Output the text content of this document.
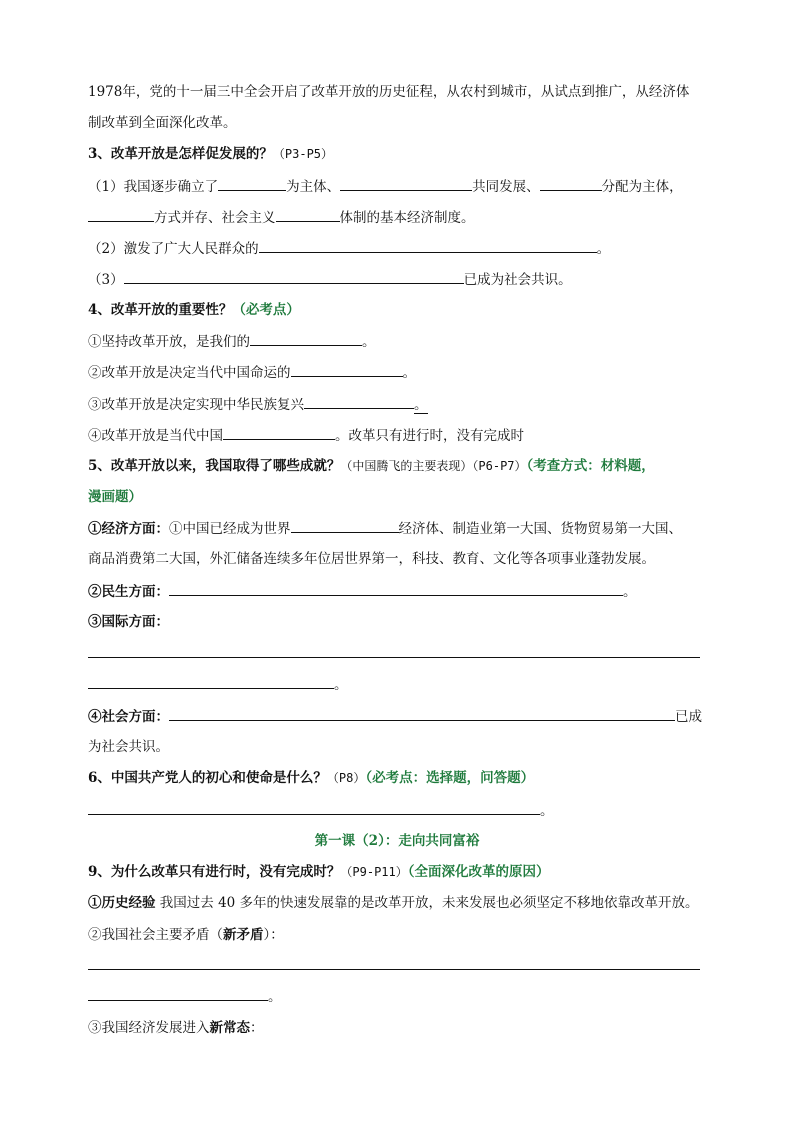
1978年，党的十一届三中全会开启了改革开放的历史征程，从农村到城市，从试点到推广，从经济体
制改革到全面深化改革。
3、改革开放是怎样促发展的？（P3-P5）
（1）我国逐步确立了	为主体、	共同发展、	分配为主体，
方式并存、社会主义	体制的基本经济制度。
（2）激发了广大人民群众的	。
（3）	已成为社会共识。
4、改革开放的重要性？（必考点）
①坚持改革开放，是我们的	。
②改革开放是决定当代中国命运的	。
③改革开放是决定实现中华民族复兴	。
④改革开放是当代中国	。改革只有进行时，没有完成时
5、改革开放以来，我国取得了哪些成就？（中国腾飞的主要表现）（P6-P7）（考查方式：材料题，
漫画题）
①经济方面：①中国已经成为世界	经济体、制造业第一大国、货物贸易第一大国、
商品消费第二大国，外汇储备连续多年位居世界第一，科技、教育、文化等各项事业蓬勃发展。
②民生方面：	。
③国际方面：
。
④社会方面：	已成
为社会共识。
6、中国共产党人的初心和使命是什么？（P8）（必考点：选择题，问答题）
。
第一课（2）：走向共同富裕
9、为什么改革只有进行时，没有完成时？（P9-P11）（全面深化改革的原因）
①历史经验 我国过去 40 多年的快速发展靠的是改革开放，未来发展也必须坚定不移地依靠改革开放。
②我国社会主要矛盾（新矛盾）：
。
③我国经济发展进入新常态：
